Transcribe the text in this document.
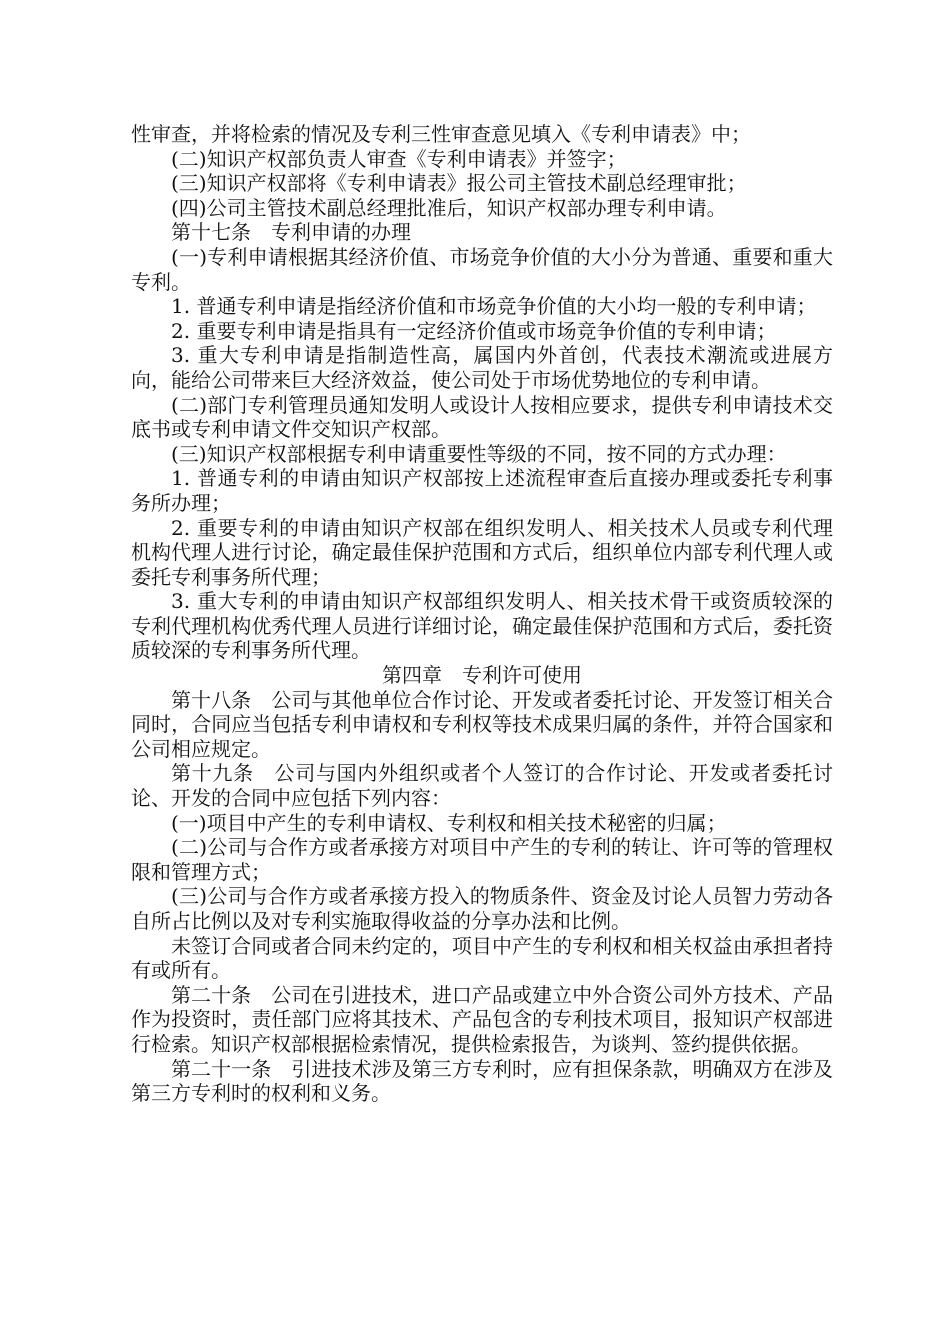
性审查，并将检索的情况及专利三性审查意见填入《专利申请表》中；

(二)知识产权部负责人审查《专利申请表》并签字；

(三)知识产权部将《专利申请表》报公司主管技术副总经理审批；

(四)公司主管技术副总经理批准后，知识产权部办理专利申请。

第十七条　专利申请的办理

(一)专利申请根据其经济价值、市场竞争价值的大小分为普通、重要和重大专利。

1. 普通专利申请是指经济价值和市场竞争价值的大小均一般的专利申请；

2. 重要专利申请是指具有一定经济价值或市场竞争价值的专利申请；

3. 重大专利申请是指制造性高，属国内外首创，代表技术潮流或进展方向，能给公司带来巨大经济效益，使公司处于市场优势地位的专利申请。

(二)部门专利管理员通知发明人或设计人按相应要求，提供专利申请技术交底书或专利申请文件交知识产权部。

(三)知识产权部根据专利申请重要性等级的不同，按不同的方式办理：

1. 普通专利的申请由知识产权部按上述流程审查后直接办理或委托专利事务所办理；

2. 重要专利的申请由知识产权部在组织发明人、相关技术人员或专利代理机构代理人进行讨论，确定最佳保护范围和方式后，组织单位内部专利代理人或委托专利事务所代理；

3. 重大专利的申请由知识产权部组织发明人、相关技术骨干或资质较深的专利代理机构优秀代理人员进行详细讨论，确定最佳保护范围和方式后，委托资质较深的专利事务所代理。

第四章　专利许可使用

第十八条　公司与其他单位合作讨论、开发或者委托讨论、开发签订相关合同时，合同应当包括专利申请权和专利权等技术成果归属的条件，并符合国家和公司相应规定。

第十九条　公司与国内外组织或者个人签订的合作讨论、开发或者委托讨论、开发的合同中应包括下列内容：

(一)项目中产生的专利申请权、专利权和相关技术秘密的归属；

(二)公司与合作方或者承接方对项目中产生的专利的转让、许可等的管理权限和管理方式；

(三)公司与合作方或者承接方投入的物质条件、资金及讨论人员智力劳动各自所占比例以及对专利实施取得收益的分享办法和比例。

未签订合同或者合同未约定的，项目中产生的专利权和相关权益由承担者持有或所有。

第二十条　公司在引进技术，进口产品或建立中外合资公司外方技术、产品作为投资时，责任部门应将其技术、产品包含的专利技术项目，报知识产权部进行检索。知识产权部根据检索情况，提供检索报告，为谈判、签约提供依据。

第二十一条　引进技术涉及第三方专利时，应有担保条款，明确双方在涉及第三方专利时的权利和义务。
